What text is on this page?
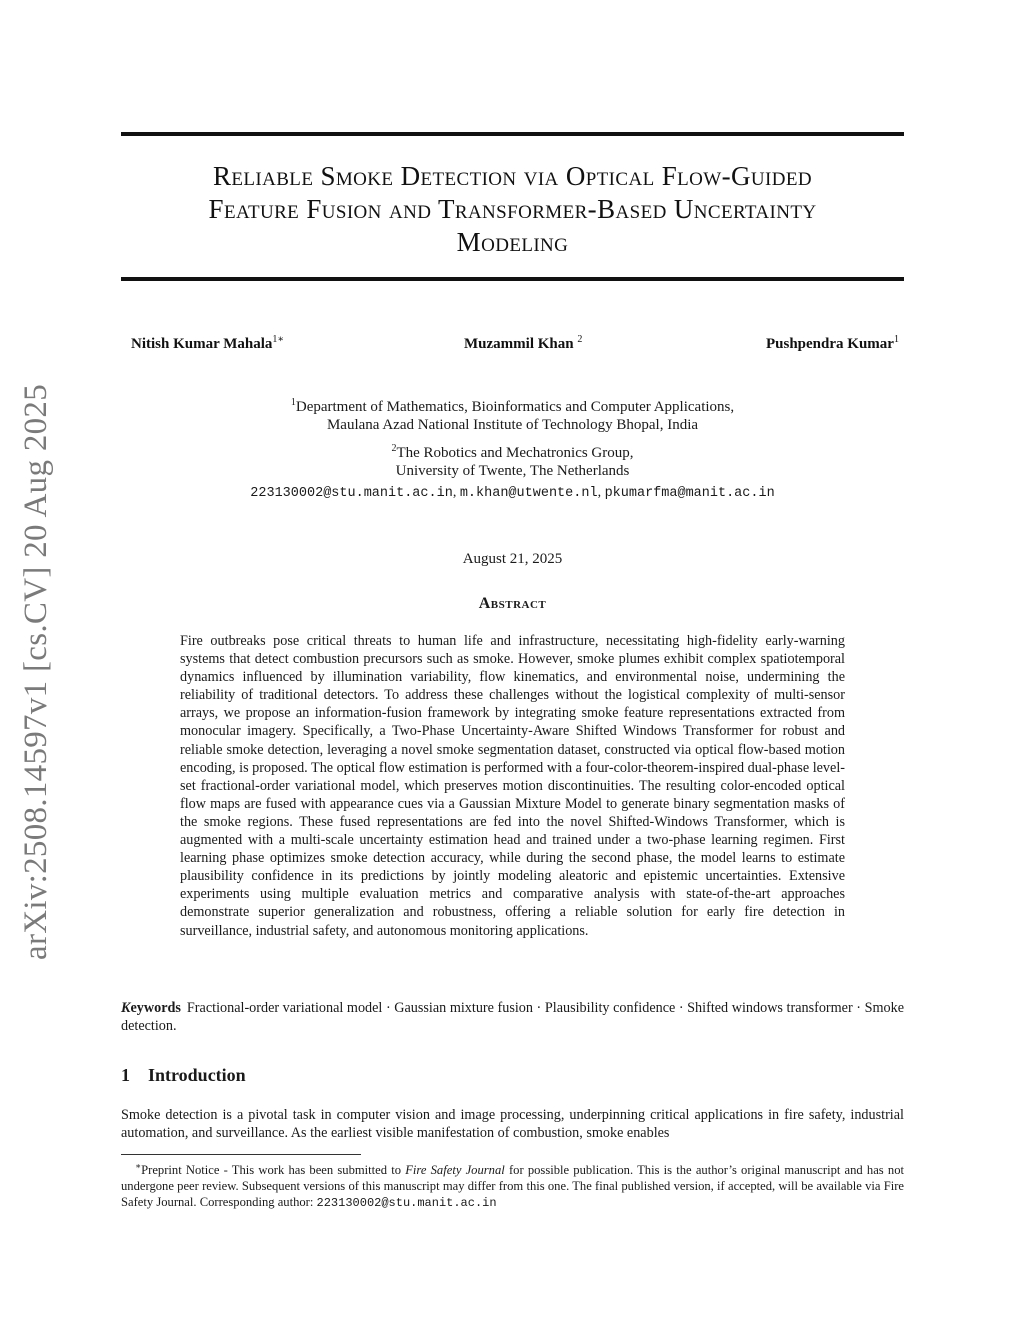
arXiv:2508.14597v1 [cs.CV] 20 Aug 2025
Reliable Smoke Detection via Optical Flow-Guided
Feature Fusion and Transformer-Based Uncertainty
Modeling
Nitish Kumar Mahala$^{1∗}$	Muzammil Khan $^2$	Pushpendra Kumar$^1$
$^1$Department of Mathematics, Bioinformatics and Computer Applications,
Maulana Azad National Institute of Technology Bhopal, India
$^2$The Robotics and Mechatronics Group,
University of Twente, The Netherlands
223130002@stu.manit.ac.in, m.khan@utwente.nl, pkumarfma@manit.ac.in
August 21, 2025
Abstract
Fire outbreaks pose critical threats to human life and infrastructure, necessitating high-fidelity early-warning systems that detect combustion precursors such as smoke. However, smoke plumes exhibit complex spatiotemporal dynamics influenced by illumination variability, flow kinematics, and environmental noise, undermining the reliability of traditional detectors. To address these challenges without the logistical complexity of multi-sensor arrays, we propose an information-fusion framework by integrating smoke feature representations extracted from monocular imagery. Specifically, a Two-Phase Uncertainty-Aware Shifted Windows Transformer for robust and reliable smoke detection, leveraging a novel smoke segmentation dataset, constructed via optical flow-based motion encoding, is proposed. The optical flow estimation is performed with a four-color-theorem-inspired dual-phase level-set fractional-order variational model, which preserves motion discontinuities. The resulting color-encoded optical flow maps are fused with appearance cues via a Gaussian Mixture Model to generate binary segmentation masks of the smoke regions. These fused representations are fed into the novel Shifted-Windows Transformer, which is augmented with a multi-scale uncertainty estimation head and trained under a two-phase learning regimen. First learning phase optimizes smoke detection accuracy, while during the second phase, the model learns to estimate plausibility confidence in its predictions by jointly modeling aleatoric and epistemic uncertainties. Extensive experiments using multiple evaluation metrics and comparative analysis with state-of-the-art approaches demonstrate superior generalization and robustness, offering a reliable solution for early fire detection in surveillance, industrial safety, and autonomous monitoring applications.
Keywords Fractional-order variational model · Gaussian mixture fusion · Plausibility confidence · Shifted windows transformer · Smoke detection.
1 Introduction
Smoke detection is a pivotal task in computer vision and image processing, underpinning critical applications in fire safety, industrial automation, and surveillance. As the earliest visible manifestation of combustion, smoke enables
∗Preprint Notice - This work has been submitted to Fire Safety Journal for possible publication. This is the author’s original manuscript and has not undergone peer review. Subsequent versions of this manuscript may differ from this one. The final published version, if accepted, will be available via Fire Safety Journal. Corresponding author: 223130002@stu.manit.ac.in
